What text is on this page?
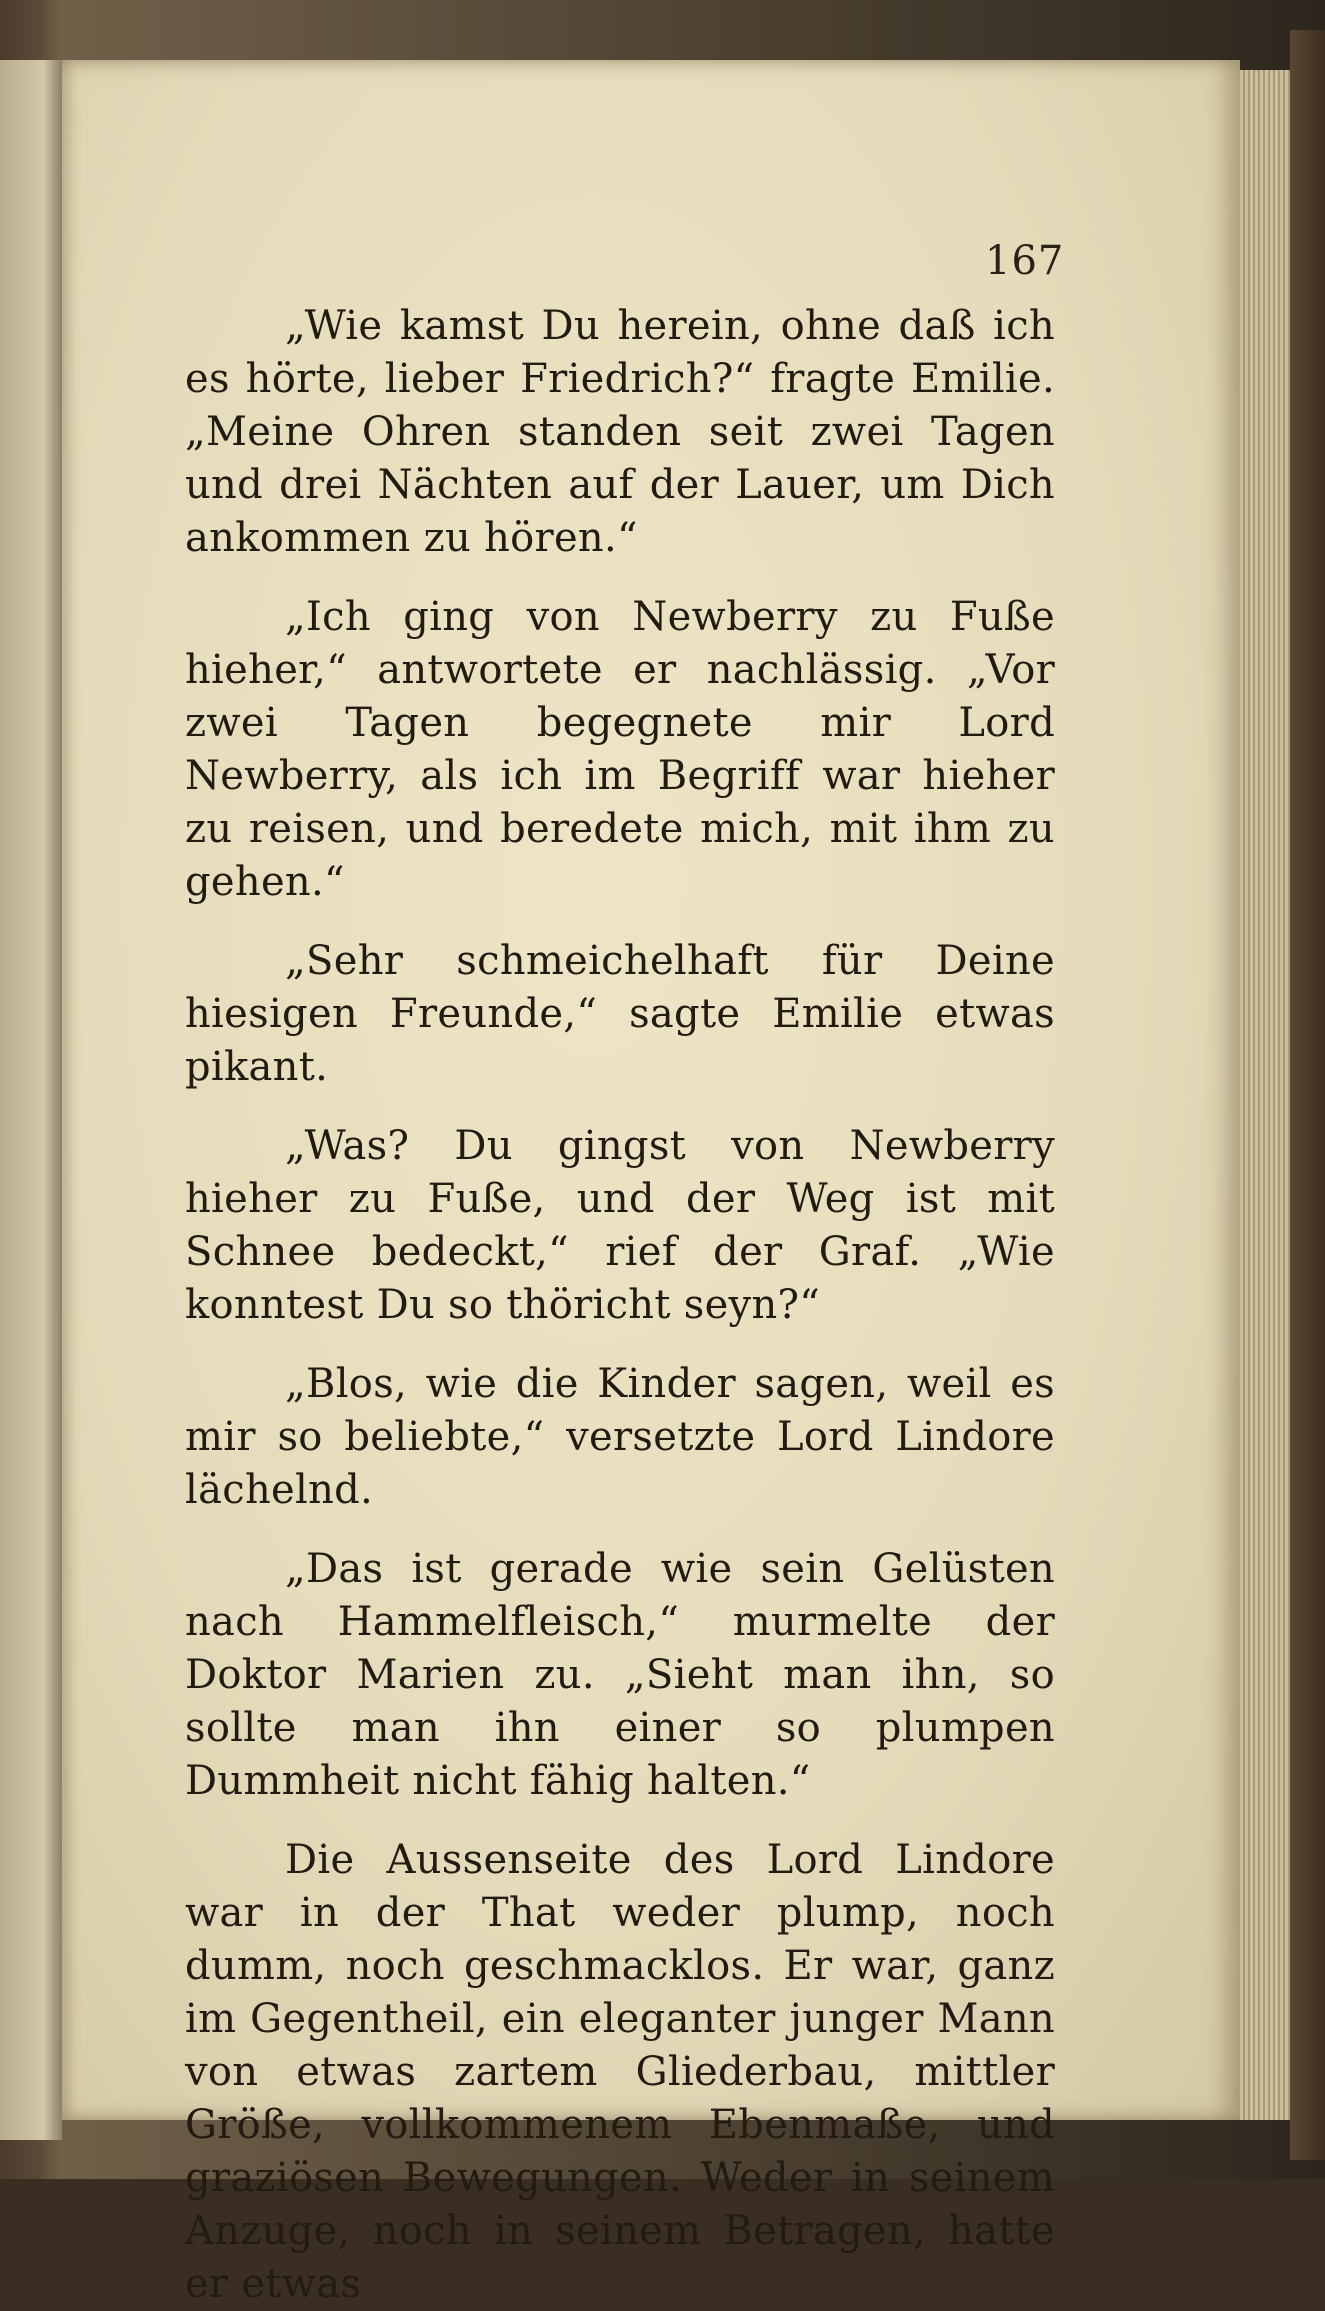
167

„Wie kamst Du herein, ohne daß ich es hörte, lieber Friedrich?“ fragte Emilie. „Meine Ohren standen seit zwei Tagen und drei Nächten auf der Lauer, um Dich ankommen zu hören.“

„Ich ging von Newberry zu Fuße hieher,“ antwortete er nachlässig. „Vor zwei Tagen begegnete mir Lord Newberry, als ich im Begriff war hieher zu reisen, und beredete mich, mit ihm zu gehen.“

„Sehr schmeichelhaft für Deine hiesigen Freunde,“ sagte Emilie etwas pikant.

„Was? Du gingst von Newberry hieher zu Fuße, und der Weg ist mit Schnee bedeckt,“ rief der Graf. „Wie konntest Du so thöricht seyn?“

„Blos, wie die Kinder sagen, weil es mir so beliebte,“ versetzte Lord Lindore lächelnd.

„Das ist gerade wie sein Gelüsten nach Hammelfleisch,“ murmelte der Doktor Marien zu. „Sieht man ihn, so sollte man ihn einer so plumpen Dummheit nicht fähig halten.“

Die Aussenseite des Lord Lindore war in der That weder plump, noch dumm, noch geschmacklos. Er war, ganz im Gegentheil, ein eleganter junger Mann von etwas zartem Gliederbau, mittler Größe, vollkommenem Ebenmaße, und graziösen Bewegungen. Weder in seinem Anzuge, noch in seinem Betragen, hatte er etwas
